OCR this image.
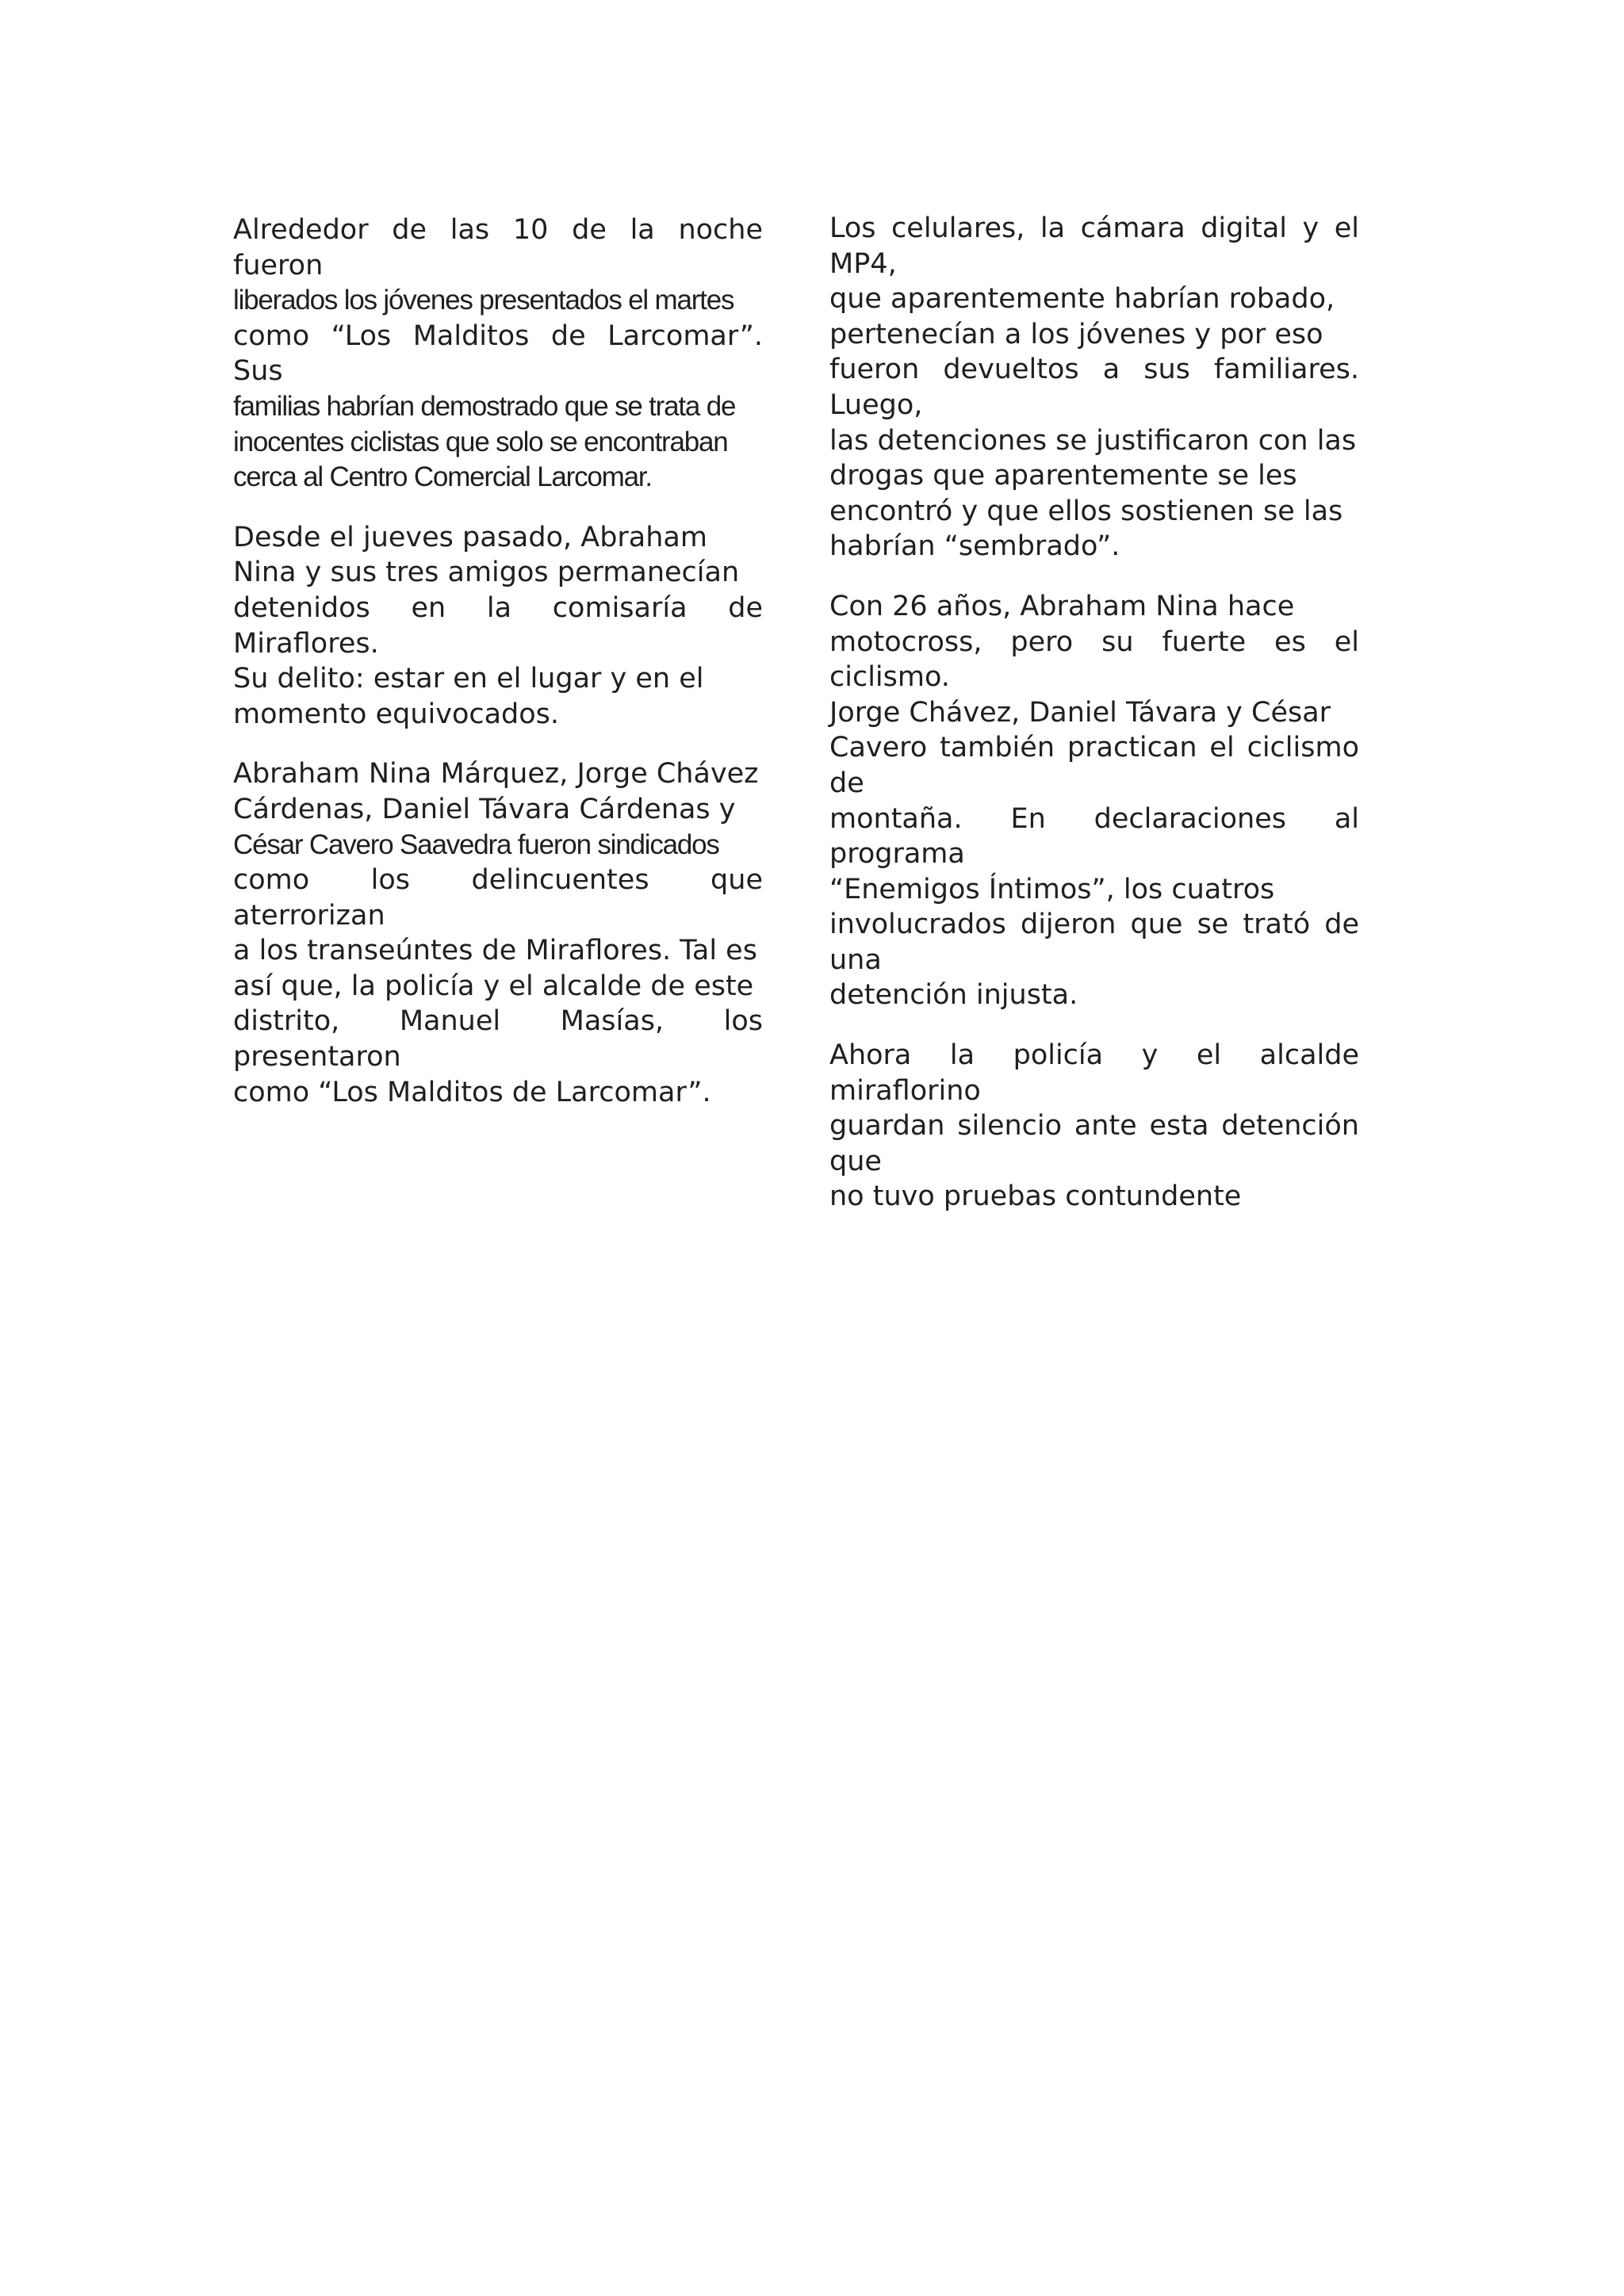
Alrededor de las 10 de la noche fueron
liberados los jóvenes presentados el martes
como “Los Malditos de Larcomar”. Sus
familias habrían demostrado que se trata de
inocentes ciclistas que solo se encontraban
cerca al Centro Comercial Larcomar.

Desde el jueves pasado, Abraham
Nina y sus tres amigos permanecían
detenidos en la comisaría de Miraflores.
Su delito: estar en el lugar y en el
momento equivocados.

Abraham Nina Márquez, Jorge Chávez
Cárdenas, Daniel Távara Cárdenas y
César Cavero Saavedra fueron sindicados
como los delincuentes que aterrorizan
a los transeúntes de Miraflores. Tal es
así que, la policía y el alcalde de este
distrito, Manuel Masías, los presentaron
como “Los Malditos de Larcomar”.

Los celulares, la cámara digital y el MP4,
que aparentemente habrían robado,
pertenecían a los jóvenes y por eso
fueron devueltos a sus familiares. Luego,
las detenciones se justificaron con las
drogas que aparentemente se les
encontró y que ellos sostienen se las
habrían “sembrado”.

Con 26 años, Abraham Nina hace
motocross, pero su fuerte es el ciclismo.
Jorge Chávez, Daniel Távara y César
Cavero también practican el ciclismo de
montaña. En declaraciones al programa
“Enemigos Íntimos”, los cuatros
involucrados dijeron que se trató de una
detención injusta.

Ahora la policía y el alcalde miraflorino
guardan silencio ante esta detención que
no tuvo pruebas contundente
